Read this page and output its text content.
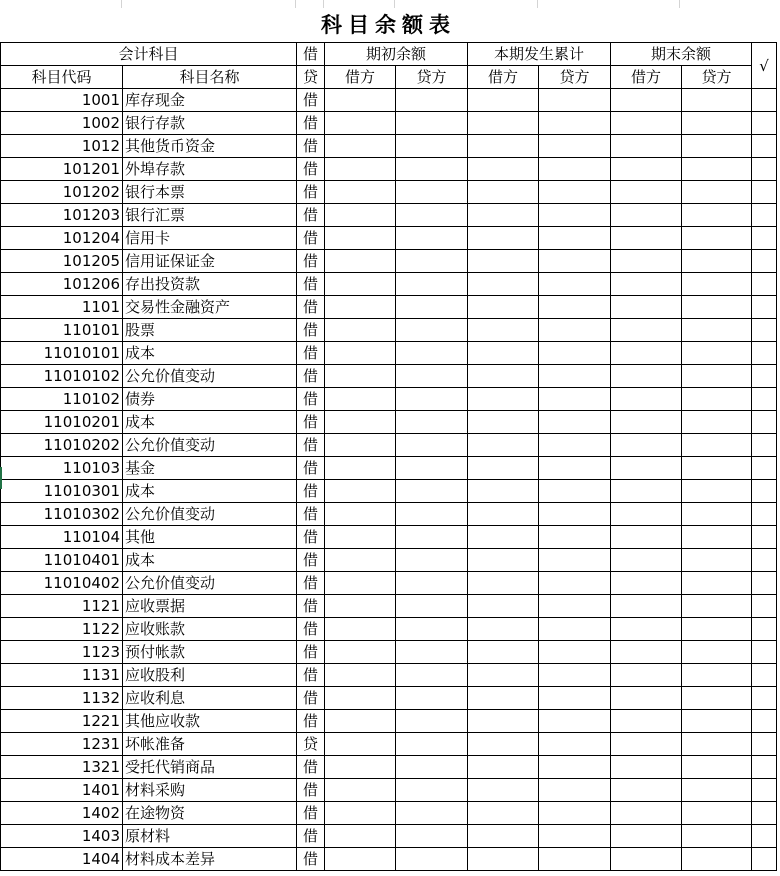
科目余额表									
会计科目		借	期初余额		本期发生累计		期末余额		√
科目代码	科目名称	贷	借方	贷方	借方	贷方	借方	贷方	
1001	库存现金	借							
1002	银行存款	借							
1012	其他货币资金	借							
101201	外埠存款	借							
101202	银行本票	借							
101203	银行汇票	借							
101204	信用卡	借							
101205	信用证保证金	借							
101206	存出投资款	借							
1101	交易性金融资产	借							
110101	股票	借							
11010101	成本	借							
11010102	公允价值变动	借							
110102	债券	借							
11010201	成本	借							
11010202	公允价值变动	借							
110103	基金	借							
11010301	成本	借							
11010302	公允价值变动	借							
110104	其他	借							
11010401	成本	借							
11010402	公允价值变动	借							
1121	应收票据	借							
1122	应收账款	借							
1123	预付帐款	借							
1131	应收股利	借							
1132	应收利息	借							
1221	其他应收款	借							
1231	坏帐准备	贷							
1321	受托代销商品	借							
1401	材料采购	借							
1402	在途物资	借							
1403	原材料	借							
1404	材料成本差异	借							
